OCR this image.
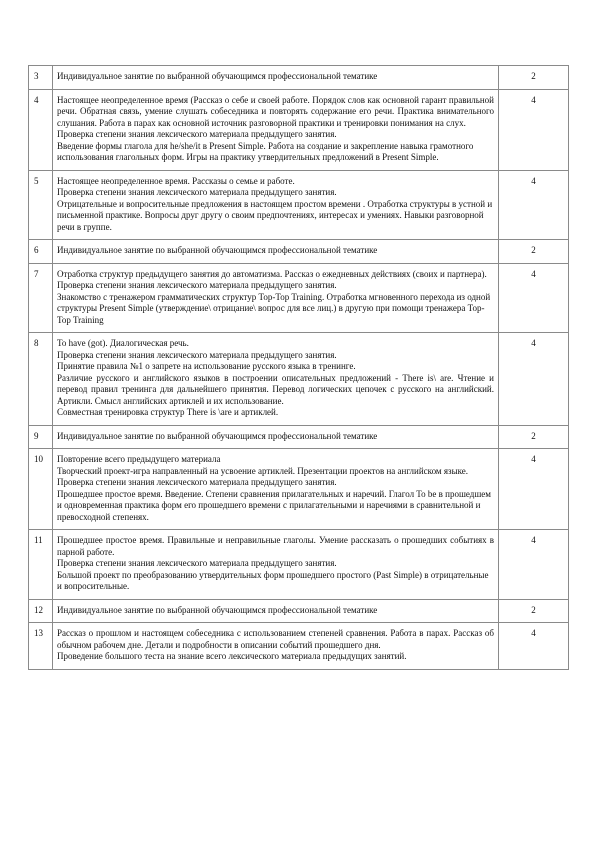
3	Индивидуальное занятие по выбранной обучающимся профессиональной тематике	2
4	Настоящее неопределенное время (Рассказ о себе и своей работе. Порядок слов как основной гарант правильной речи. Обратная связь, умение слушать собеседника и повторять содержание его речи. Практика внимательного слушания. Работа в парах как основной источник разговорной практики и тренировки понимания на слух.
Проверка степени знания лексического материала предыдущего занятия.
Введение формы глагола для he/she/it в Present Simple. Работа на создание и закрепление навыка грамотного использования глагольных форм. Игры на практику утвердительных предложений в Present Simple.	4
5	Настоящее неопределенное время. Рассказы о семье и работе.
Проверка степени знания лексического материала предыдущего занятия.
Отрицательные и вопросительные предложения в настоящем простом времени . Отработка структуры в устной и письменной практике. Вопросы друг другу о своим предпочтениях, интересах и умениях. Навыки разговорной речи в группе.	4
6	Индивидуальное занятие по выбранной обучающимся профессиональной тематике	2
7	Отработка структур предыдущего занятия до автоматизма. Рассказ о ежедневных действиях (своих и партнера).
Проверка степени знания лексического материала предыдущего занятия.
Знакомство с тренажером грамматических структур Top-Top Training. Отработка мгновенного перехода из одной структуры Present Simple (утверждение\ отрицание\ вопрос для все лиц.) в другую при помощи тренажера Top-Top Training	4
8	To have (got). Диалогическая речь.
Проверка степени знания лексического материала предыдущего занятия.
Принятие правила №1 о запрете на использование русского языка в тренинге.
Различие русского и английского языков в построении описательных предложений - There is\ are. Чтение и перевод правил тренинга для дальнейшего принятия. Перевод логических цепочек с русского на английский. Артикли. Смысл английских артиклей и их использование.
Совместная тренировка структур There is \are и артиклей.	4
9	Индивидуальное занятие по выбранной обучающимся профессиональной тематике	2
10	Повторение всего предыдущего материала
Творческий проект-игра направленный на усвоение артиклей. Презентации проектов на английском языке.
Проверка степени знания лексического материала предыдущего занятия.
Прошедшее простое время. Введение. Степени сравнения прилагательных и наречий. Глагол To be в прошедшем и одновременная практика форм его прошедшего времени с прилагательными и наречиями в сравнительной и превосходной степенях.	4
11	Прошедшее простое время. Правильные и неправильные глаголы. Умение рассказать о прошедших событиях в парной работе.
Проверка степени знания лексического материала предыдущего занятия.
Большой проект по преобразованию утвердительных форм прошедшего простого (Past Simple) в отрицательные и вопросительные.	4
12	Индивидуальное занятие по выбранной обучающимся профессиональной тематике	2
13	Рассказ о прошлом и настоящем собеседника с использованием степеней сравнения. Работа в парах. Рассказ об обычном рабочем дне. Детали и подробности в описании событий прошедшего дня.
Проведение большого теста на знание всего лексического материала предыдущих занятий.	4
